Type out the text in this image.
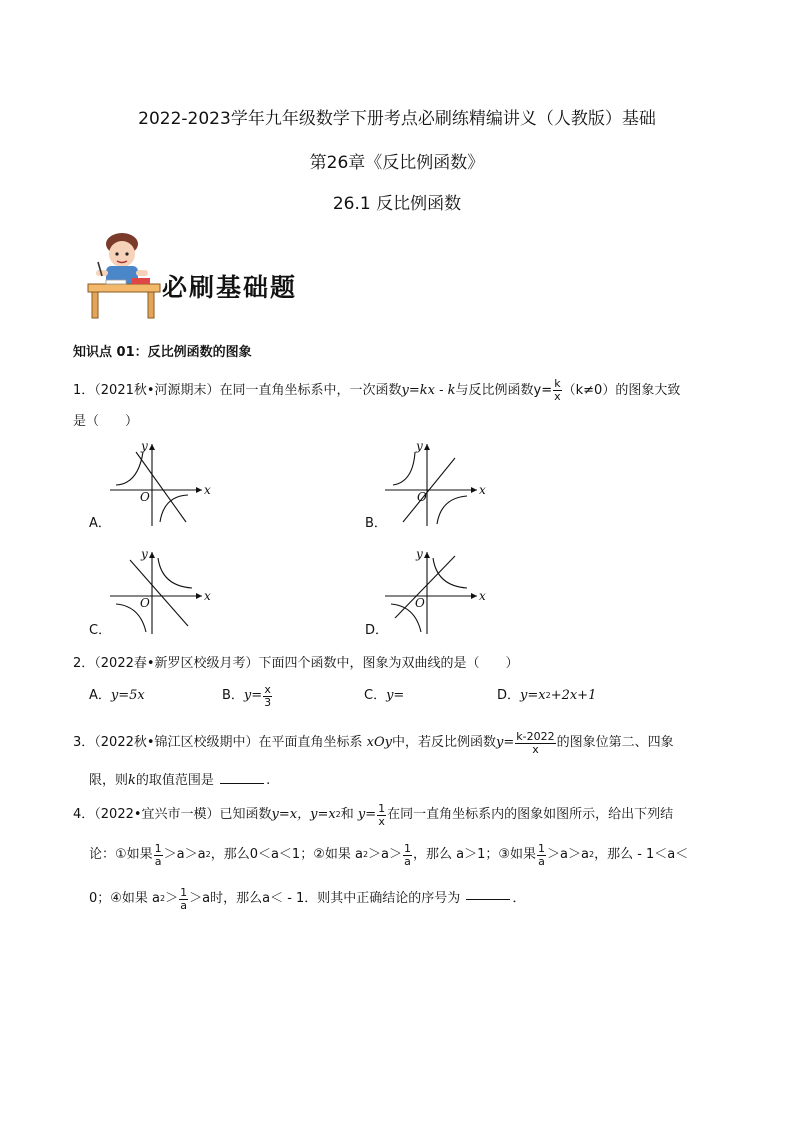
2022-2023学年九年级数学下册考点必刷练精编讲义（人教版）基础
第26章《反比例函数》
26.1 反比例函数
必刷基础题
知识点 01：反比例函数的图象
1．（2021秋•河源期末）在同一直角坐标系中，一次函数y=kx - k与反比例函数$y= \frac{k}{x} (k\ne 0)$的图象大致
是（　　）
y
x
O
A．
y
x
O
B．
y
x
O
C．
y
x
O
D．
2．（2022春•新罗区校级月考）下面四个函数中，图象为双曲线的是（　　）
A． y=5x	B． $y= \frac{x}{3}$	C． y=	D． y=x 2 +2x+1
3．（2022秋•锦江区校级期中）在平面直角坐标系
xOy 中，若反比例函数 $y= \frac{k-2022}{x}$ 的图象位第二、四象
限，则k的取值范围是	.
4．（2022•宜兴市一模）已知函数 y=x，y=x 2 和
$y= \frac{1}{x}$ 在同一直角坐标系内的图象如图所示，给出下列结
论：①如果 $\frac{1}{a} >a>a$ 2 ，那么0＜a＜1；②如果 a $2 >a> \frac{1}{a}$ ，那么 a＞1；③如果 $\frac{1}{a} >a>a$ 2 ，那么 - 1＜a＜
0；④如果 a $2 > \frac{1}{a} >a$时，那么a＜ - 1．则其中正确结论的序号为
	．
